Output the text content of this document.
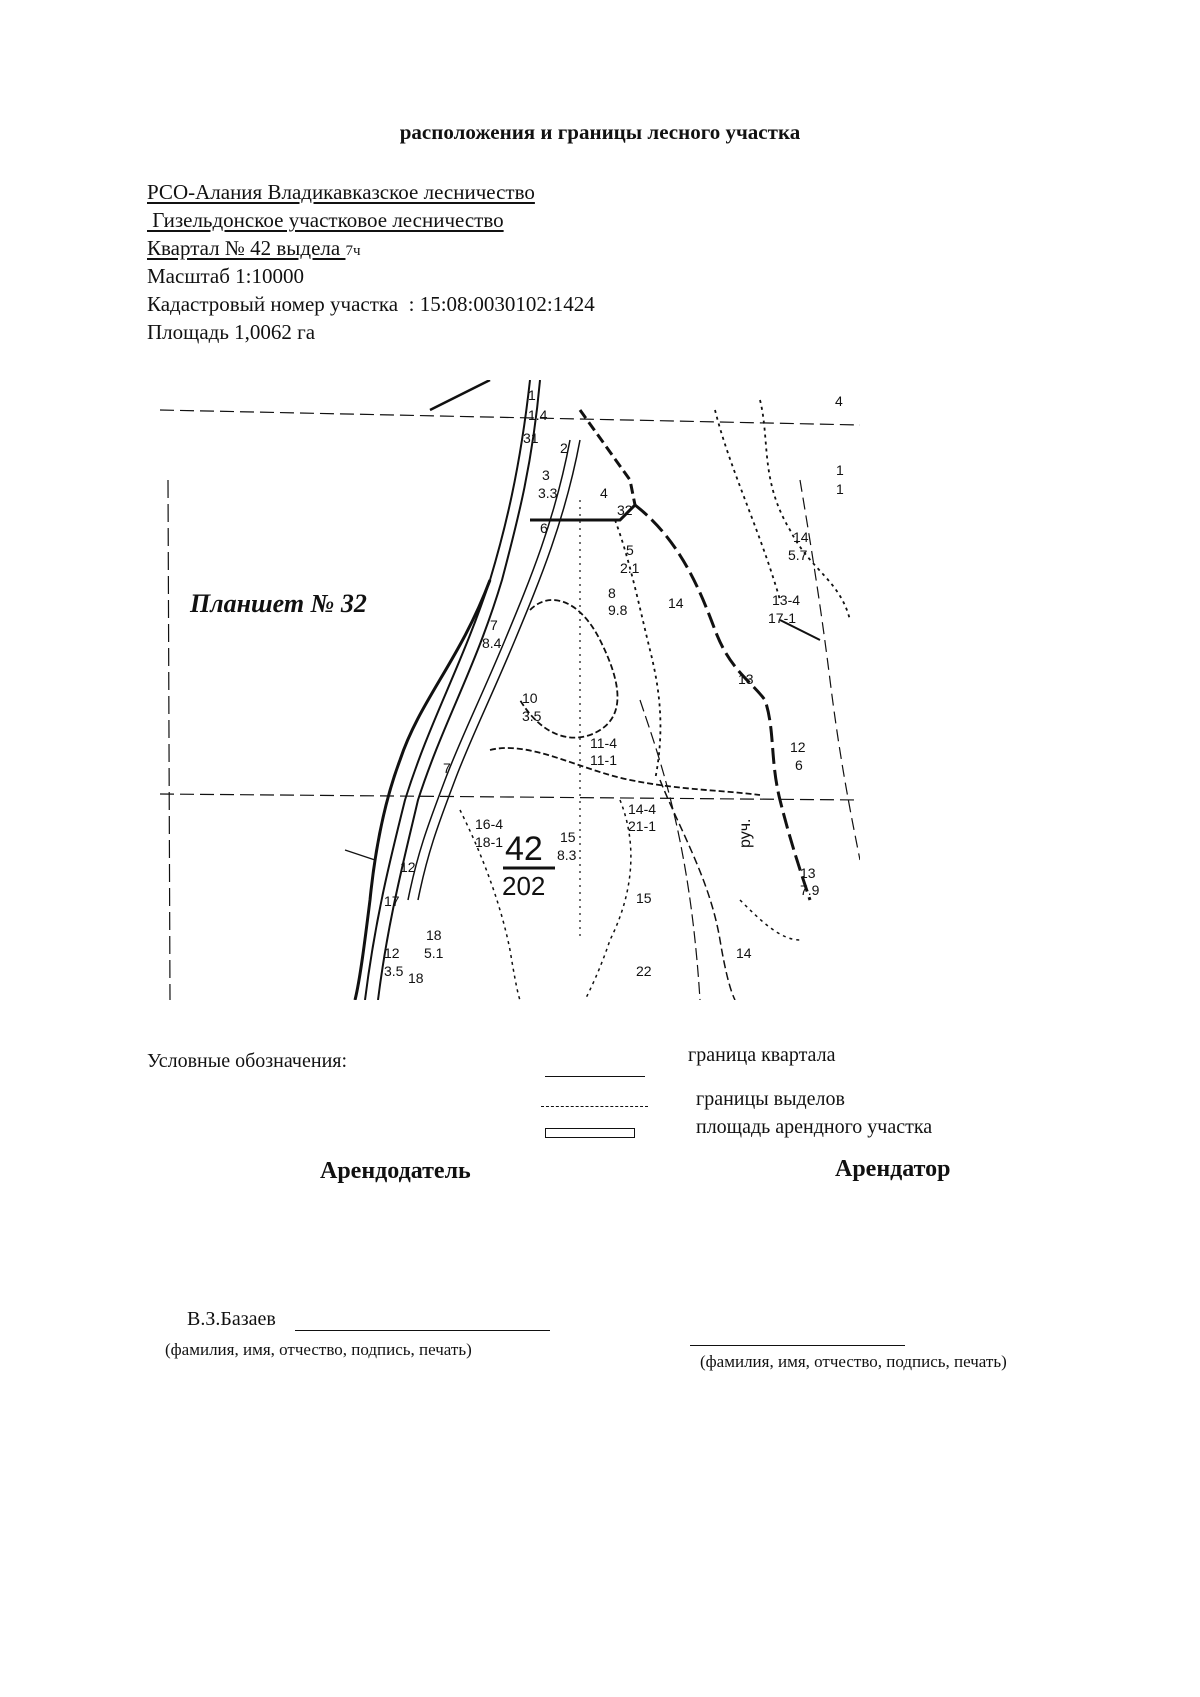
расположения и границы лесного участка
РСО-Алания Владикавказское лесничество
Гизельдонское участковое лесничество
Квартал № 42 выдела 7ч
Масштаб 1:10000
Кадастровый номер участка  : 15:08:0030102:1424
Площадь 1,0062 га
Планшет № 32
42
202
руч.
1
1.4
31
2
3
3.3	4
32
6
5
2.1
14
5.7
8
9.8	14	13-4
17-1
7
8.4
10
3.5
13
11-4
11-1
12
6
7
14-4
21-1
16-4
18-1	15
8.3
12	13
7.9
17	15
18
5.1	14
12
3.5 18	22
4
1
1
Условные обозначения:	граница квартала
границы выделов
площадь арендного участка
Арендодатель	Арендатор
В.З.Базаев
(фамилия, имя, отчество, подпись, печать)
(фамилия, имя, отчество, подпись, печать)
